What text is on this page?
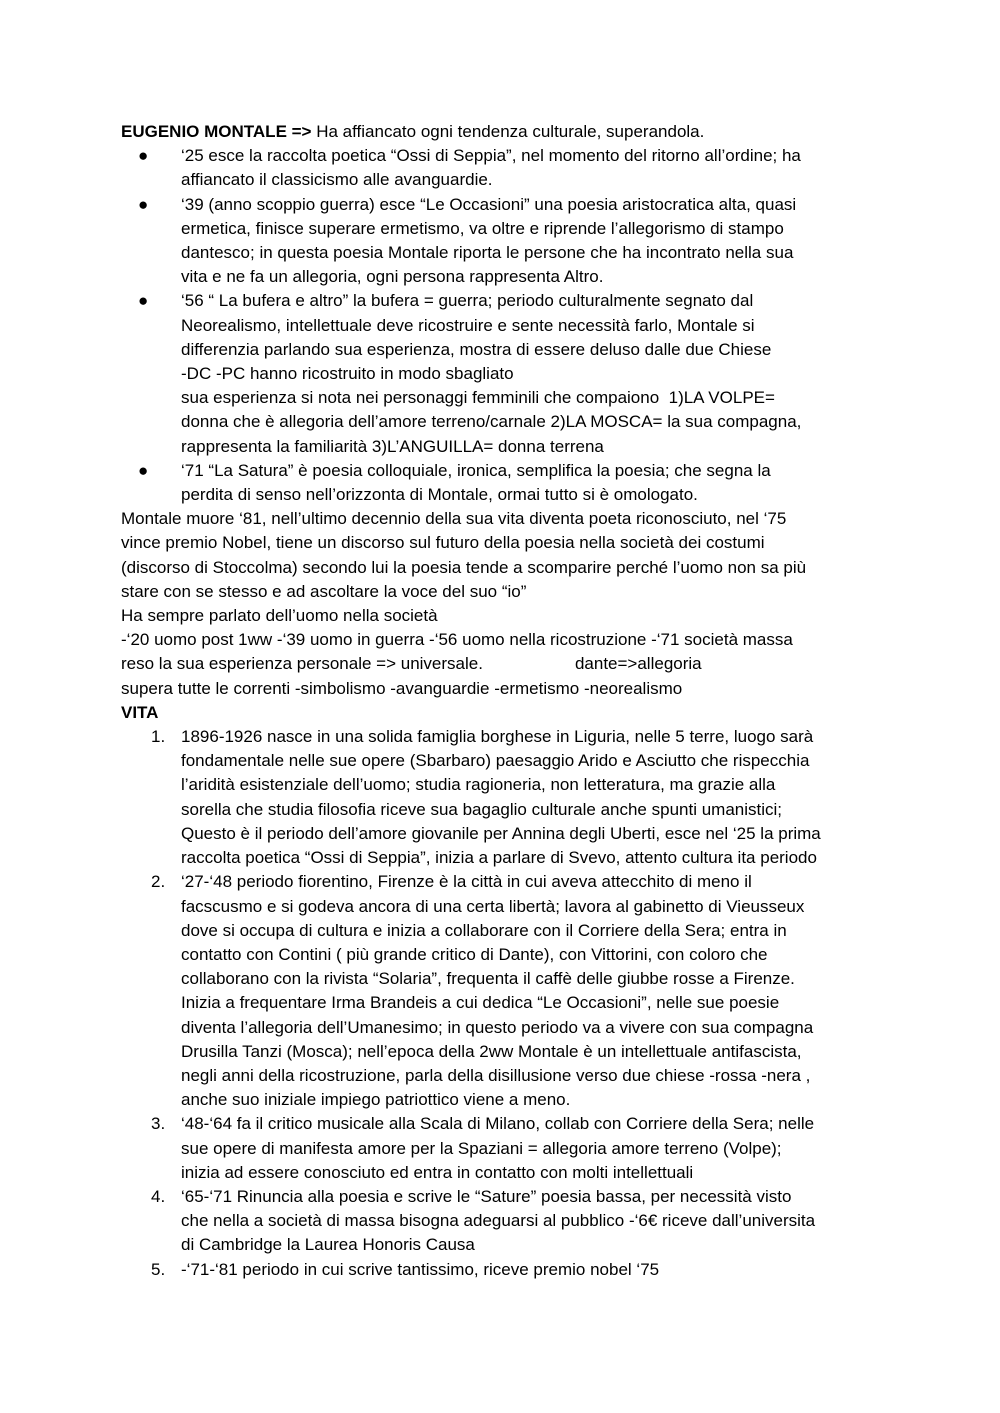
EUGENIO MONTALE => Ha affiancato ogni tendenza culturale, superandola.
● ‘25 esce la raccolta poetica “Ossi di Seppia”, nel momento del ritorno all’ordine; ha
affiancato il classicismo alle avanguardie.
● ‘39 (anno scoppio guerra) esce “Le Occasioni” una poesia aristocratica alta, quasi
ermetica, finisce superare ermetismo, va oltre e riprende l’allegorismo di stampo
dantesco; in questa poesia Montale riporta le persone che ha incontrato nella sua
vita e ne fa un allegoria, ogni persona rappresenta Altro.
● ‘56 “ La bufera e altro” la bufera = guerra; periodo culturalmente segnato dal
Neorealismo, intellettuale deve ricostruire e sente necessità farlo, Montale si
differenzia parlando sua esperienza, mostra di essere deluso dalle due Chiese
-DC -PC hanno ricostruito in modo sbagliato
sua esperienza si nota nei personaggi femminili che compaiono  1)LA VOLPE=
donna che è allegoria dell’amore terreno/carnale 2)LA MOSCA= la sua compagna,
rappresenta la familiarità 3)L’ANGUILLA= donna terrena
● ‘71 “La Satura” è poesia colloquiale, ironica, semplifica la poesia; che segna la
perdita di senso nell’orizzonta di Montale, ormai tutto si è omologato.
Montale muore ‘81, nell’ultimo decennio della sua vita diventa poeta riconosciuto, nel ‘75
vince premio Nobel, tiene un discorso sul futuro della poesia nella società dei costumi
(discorso di Stoccolma) secondo lui la poesia tende a scomparire perché l’uomo non sa più
stare con se stesso e ad ascoltare la voce del suo “io”
Ha sempre parlato dell’uomo nella società
-‘20 uomo post 1ww -‘39 uomo in guerra -‘56 uomo nella ricostruzione -‘71 società massa
reso la sua esperienza personale => universale.	dante=>allegoria
supera tutte le correnti -simbolismo -avanguardie -ermetismo -neorealismo
VITA
1. 1896-1926 nasce in una solida famiglia borghese in Liguria, nelle 5 terre, luogo sarà
fondamentale nelle sue opere (Sbarbaro) paesaggio Arido e Asciutto che rispecchia
l’aridità esistenziale dell’uomo; studia ragioneria, non letteratura, ma grazie alla
sorella che studia filosofia riceve sua bagaglio culturale anche spunti umanistici;
Questo è il periodo dell’amore giovanile per Annina degli Uberti, esce nel ‘25 la prima
raccolta poetica “Ossi di Seppia”, inizia a parlare di Svevo, attento cultura ita periodo
2. ‘27-‘48 periodo fiorentino, Firenze è la città in cui aveva attecchito di meno il
facscusmo e si godeva ancora di una certa libertà; lavora al gabinetto di Vieusseux
dove si occupa di cultura e inizia a collaborare con il Corriere della Sera; entra in
contatto con Contini ( più grande critico di Dante), con Vittorini, con coloro che
collaborano con la rivista “Solaria”, frequenta il caffè delle giubbe rosse a Firenze.
Inizia a frequentare Irma Brandeis a cui dedica “Le Occasioni”, nelle sue poesie
diventa l’allegoria dell’Umanesimo; in questo periodo va a vivere con sua compagna
Drusilla Tanzi (Mosca); nell’epoca della 2ww Montale è un intellettuale antifascista,
negli anni della ricostruzione, parla della disillusione verso due chiese -rossa -nera ,
anche suo iniziale impiego patriottico viene a meno.
3. ‘48-‘64 fa il critico musicale alla Scala di Milano, collab con Corriere della Sera; nelle
sue opere di manifesta amore per la Spaziani = allegoria amore terreno (Volpe);
inizia ad essere conosciuto ed entra in contatto con molti intellettuali
4. ‘65-‘71 Rinuncia alla poesia e scrive le “Sature” poesia bassa, per necessità visto
che nella a società di massa bisogna adeguarsi al pubblico -‘6€ riceve dall’universita
di Cambridge la Laurea Honoris Causa
5. -‘71-‘81 periodo in cui scrive tantissimo, riceve premio nobel ‘75
